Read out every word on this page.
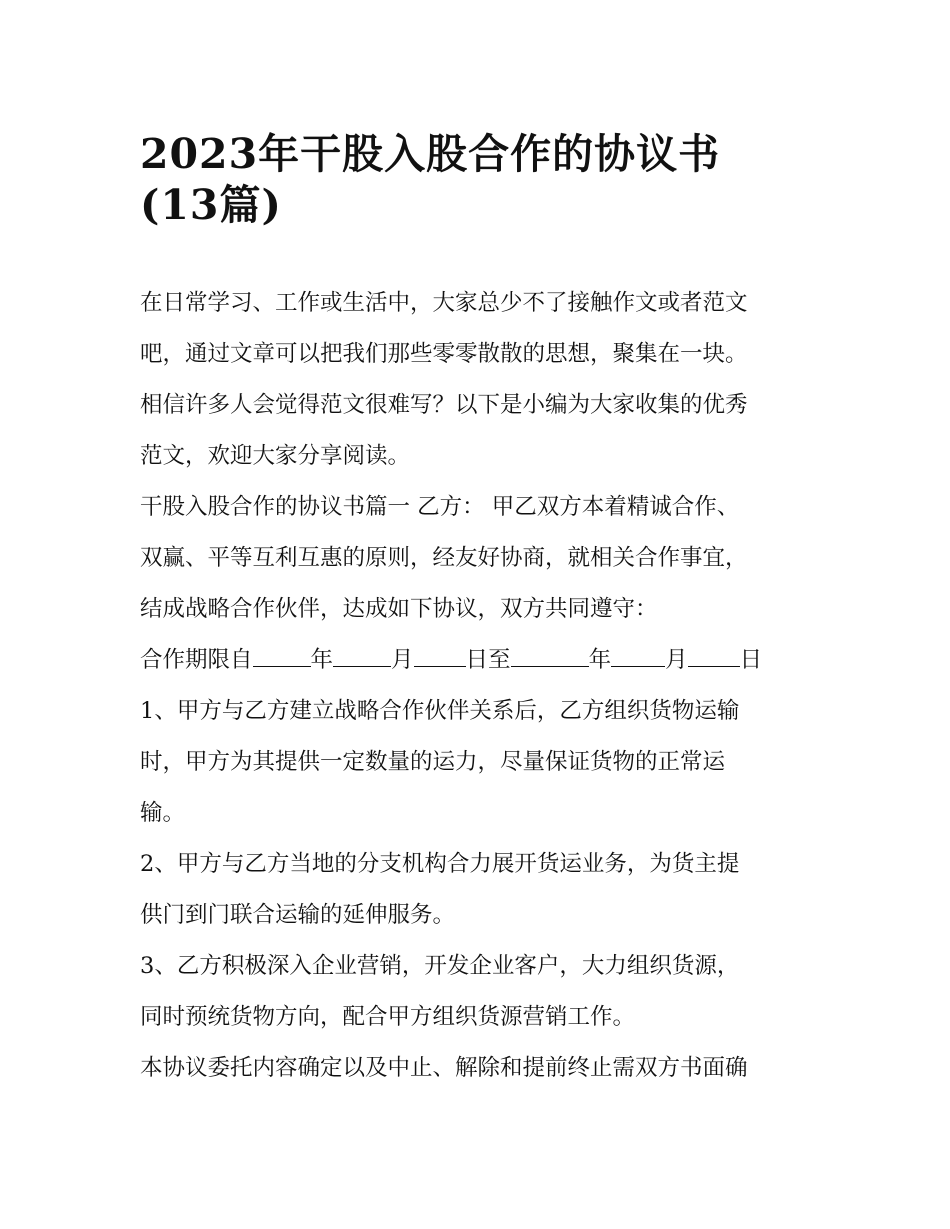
2023年干股入股合作的协议书
(13篇)

在日常学习、工作或生活中，大家总少不了接触作文或者范文
吧，通过文章可以把我们那些零零散散的思想，聚集在一块。
相信许多人会觉得范文很难写？以下是小编为大家收集的优秀
范文，欢迎大家分享阅读。

干股入股合作的协议书篇一 乙方： 甲乙双方本着精诚合作、
双赢、平等互利互惠的原则，经友好协商，就相关合作事宜，
结成战略合作伙伴，达成如下协议，双方共同遵守：

合作期限自	年	月 日至	年 月 日

1、甲方与乙方建立战略合作伙伴关系后，乙方组织货物运输
时，甲方为其提供一定数量的运力，尽量保证货物的正常运
输。

2、甲方与乙方当地的分支机构合力展开货运业务，为货主提
供门到门联合运输的延伸服务。

3、乙方积极深入企业营销，开发企业客户，大力组织货源，
同时预统货物方向，配合甲方组织货源营销工作。

本协议委托内容确定以及中止、解除和提前终止需双方书面确
